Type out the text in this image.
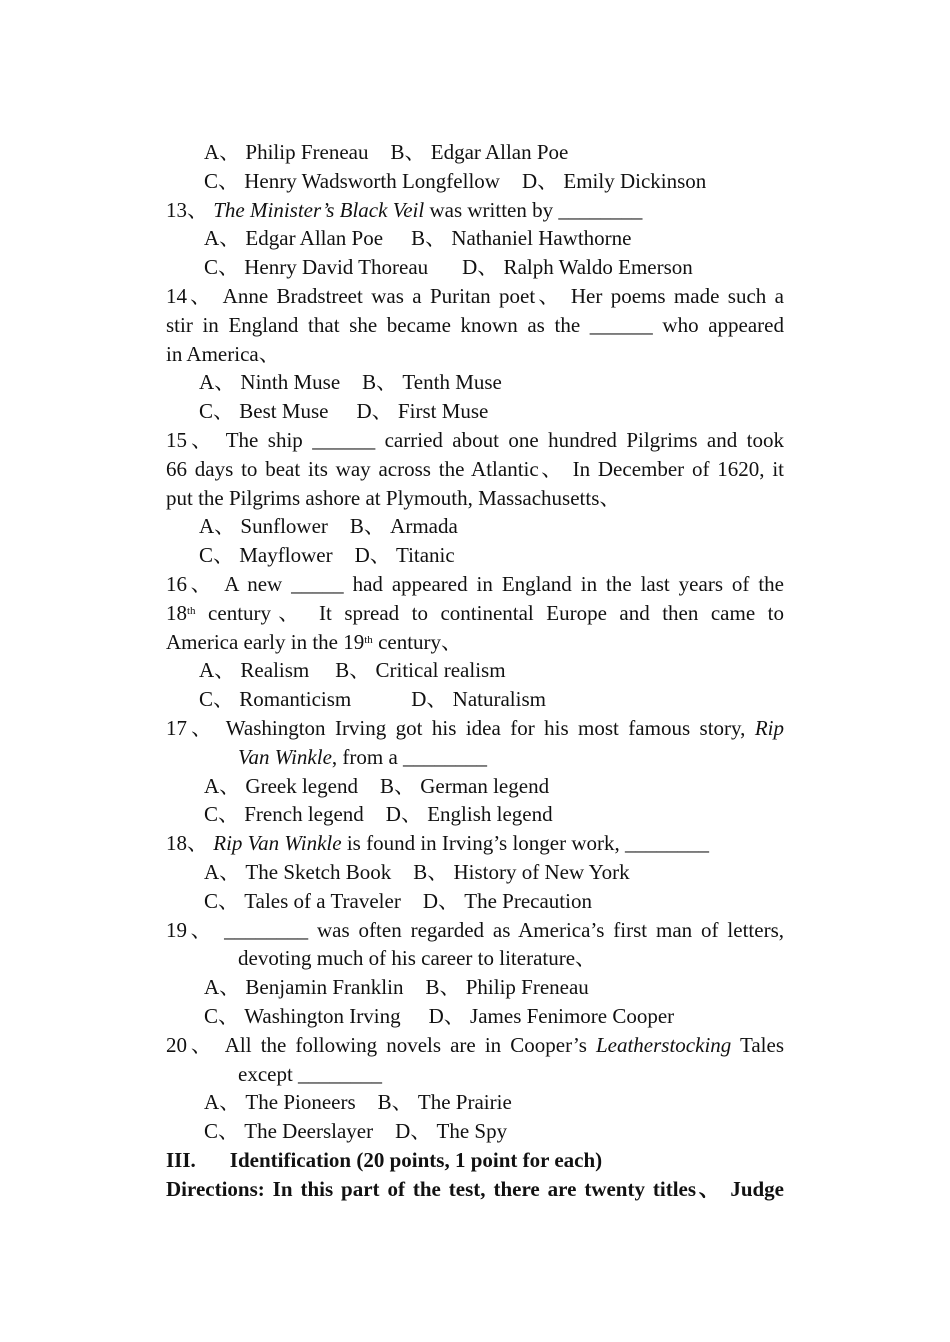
A、 Philip Freneau B、 Edgar Allan Poe
C、 Henry Wadsworth Longfellow D、 Emily Dickinson
13、 The Minister’s Black Veil was written by ________
A、 Edgar Allan Poe B、 Nathaniel Hawthorne
C、 Henry David Thoreau D、 Ralph Waldo Emerson
14、 Anne Bradstreet was a Puritan poet、 Her poems made such a
stir in England that she became known as the ______ who appeared
in America、
A、 Ninth Muse B、 Tenth Muse
C、 Best Muse D、 First Muse
15、 The ship ______ carried about one hundred Pilgrims and took
66 days to beat its way across the Atlantic、 In December of 1620, it
put the Pilgrims ashore at Plymouth, Massachusetts、
A、 Sunflower B、 Armada
C、 Mayflower D、 Titanic
16、 A new _____ had appeared in England in the last years of the
18th century、 It spread to continental Europe and then came to
America early in the 19th century、
A、 Realism B、 Critical realism
C、 Romanticism	D、 Naturalism
17、 Washington Irving got his idea for his most famous story, Rip
Van Winkle, from a ________
A、 Greek legend B、 German legend
C、 French legend D、 English legend
18、 Rip Van Winkle is found in Irving’s longer work, ________
A、 The Sketch Book B、 History of New York
C、 Tales of a Traveler D、 The Precaution
19、 ________ was often regarded as America’s first man of letters,
devoting much of his career to literature、
A、 Benjamin Franklin B、 Philip Freneau
C、 Washington Irving D、 James Fenimore Cooper
20、 All the following novels are in Cooper’s Leatherstocking Tales
except ________
A、 The Pioneers B、 The Prairie
C、 The Deerslayer D、 The Spy
III. Identification (20 points, 1 point for each)
Directions: In this part of the test, there are twenty titles、 Judge
